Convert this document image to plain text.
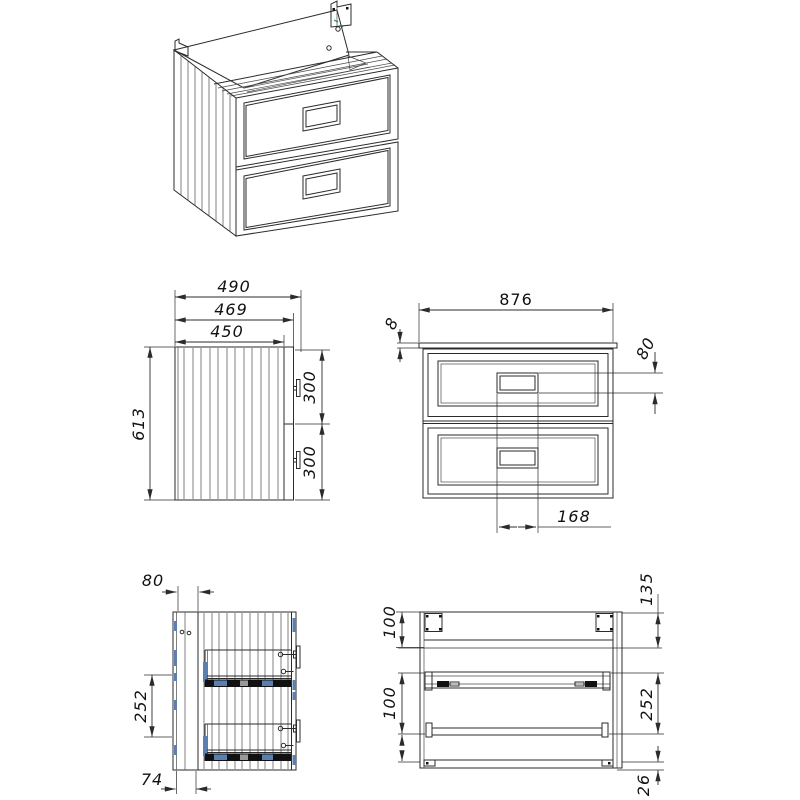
490
469
450
613
300
300
876
8
80
168
80
252
74
100
100
135
252
26
